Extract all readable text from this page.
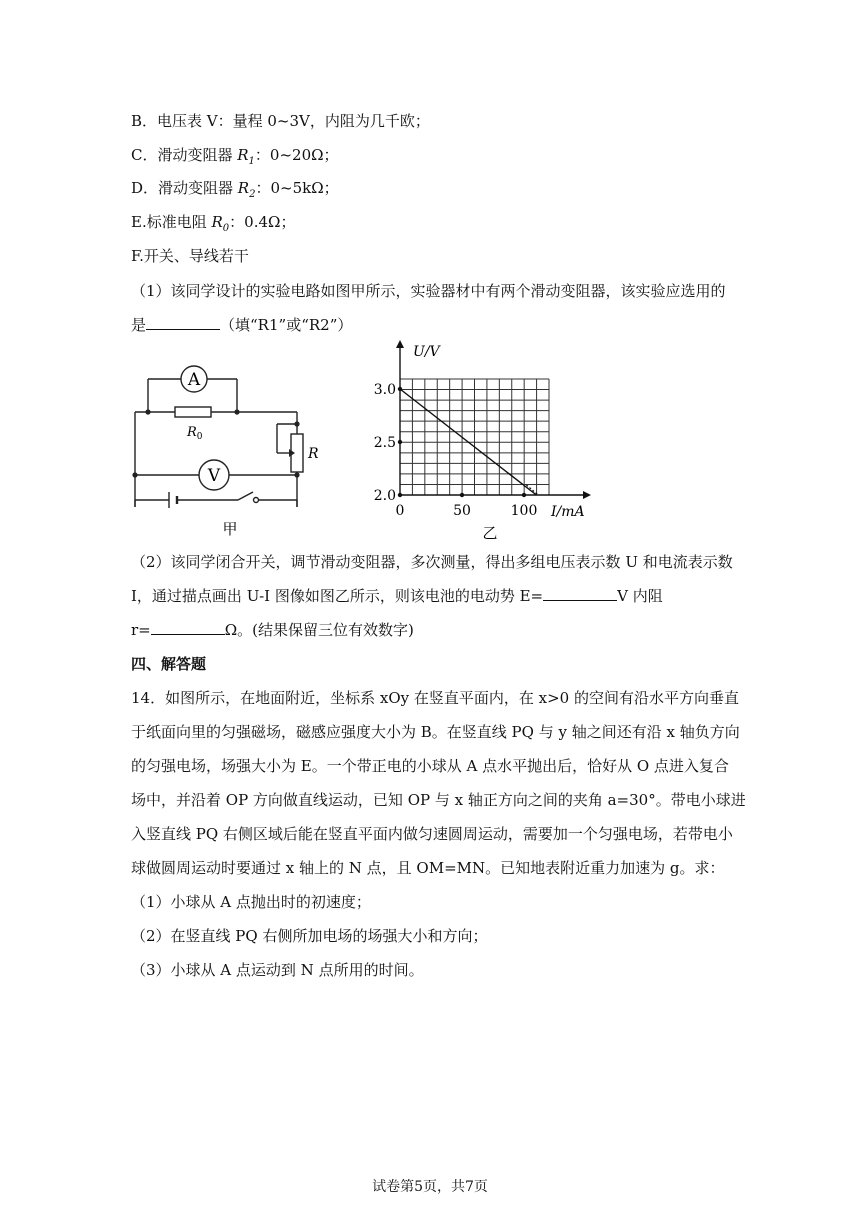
B．电压表 V：量程 0~3V，内阻为几千欧；
C．滑动变阻器 $R_1$：0~20Ω；
D．滑动变阻器 $R_2$：0~5kΩ；
E.标准电阻 $R_0$：0.4Ω；
F.开关、导线若干
（1）该同学设计的实验电路如图甲所示，实验器材中有两个滑动变阻器，该实验应选用的
是	（填“R1”或“R2”）
A
V
$R_0$
R
甲
0	50	100
3.0
2.5
2.0
U/V
I/mA
乙
（2）该同学闭合开关，调节滑动变阻器，多次测量，得出多组电压表示数 U 和电流表示数
I，通过描点画出 U-I 图像如图乙所示，则该电池的电动势 E=	V 内阻
r=	Ω。(结果保留三位有效数字)
四、解答题
14．如图所示，在地面附近，坐标系 xOy 在竖直平面内，在 x>0 的空间有沿水平方向垂直
于纸面向里的匀强磁场，磁感应强度大小为 B。在竖直线 PQ 与 y 轴之间还有沿 x 轴负方向
的匀强电场，场强大小为 E。一个带正电的小球从 A 点水平抛出后，恰好从 O 点进入复合
场中，并沿着 OP 方向做直线运动，已知 OP 与 x 轴正方向之间的夹角 a=30°。带电小球进
入竖直线 PQ 右侧区域后能在竖直平面内做匀速圆周运动，需要加一个匀强电场，若带电小
球做圆周运动时要通过 x 轴上的 N 点，且 OM=MN。已知地表附近重力加速为 g。求：
（1）小球从 A 点抛出时的初速度；
（2）在竖直线 PQ 右侧所加电场的场强大小和方向；
（3）小球从 A 点运动到 N 点所用的时间。
试卷第5页，共7页
